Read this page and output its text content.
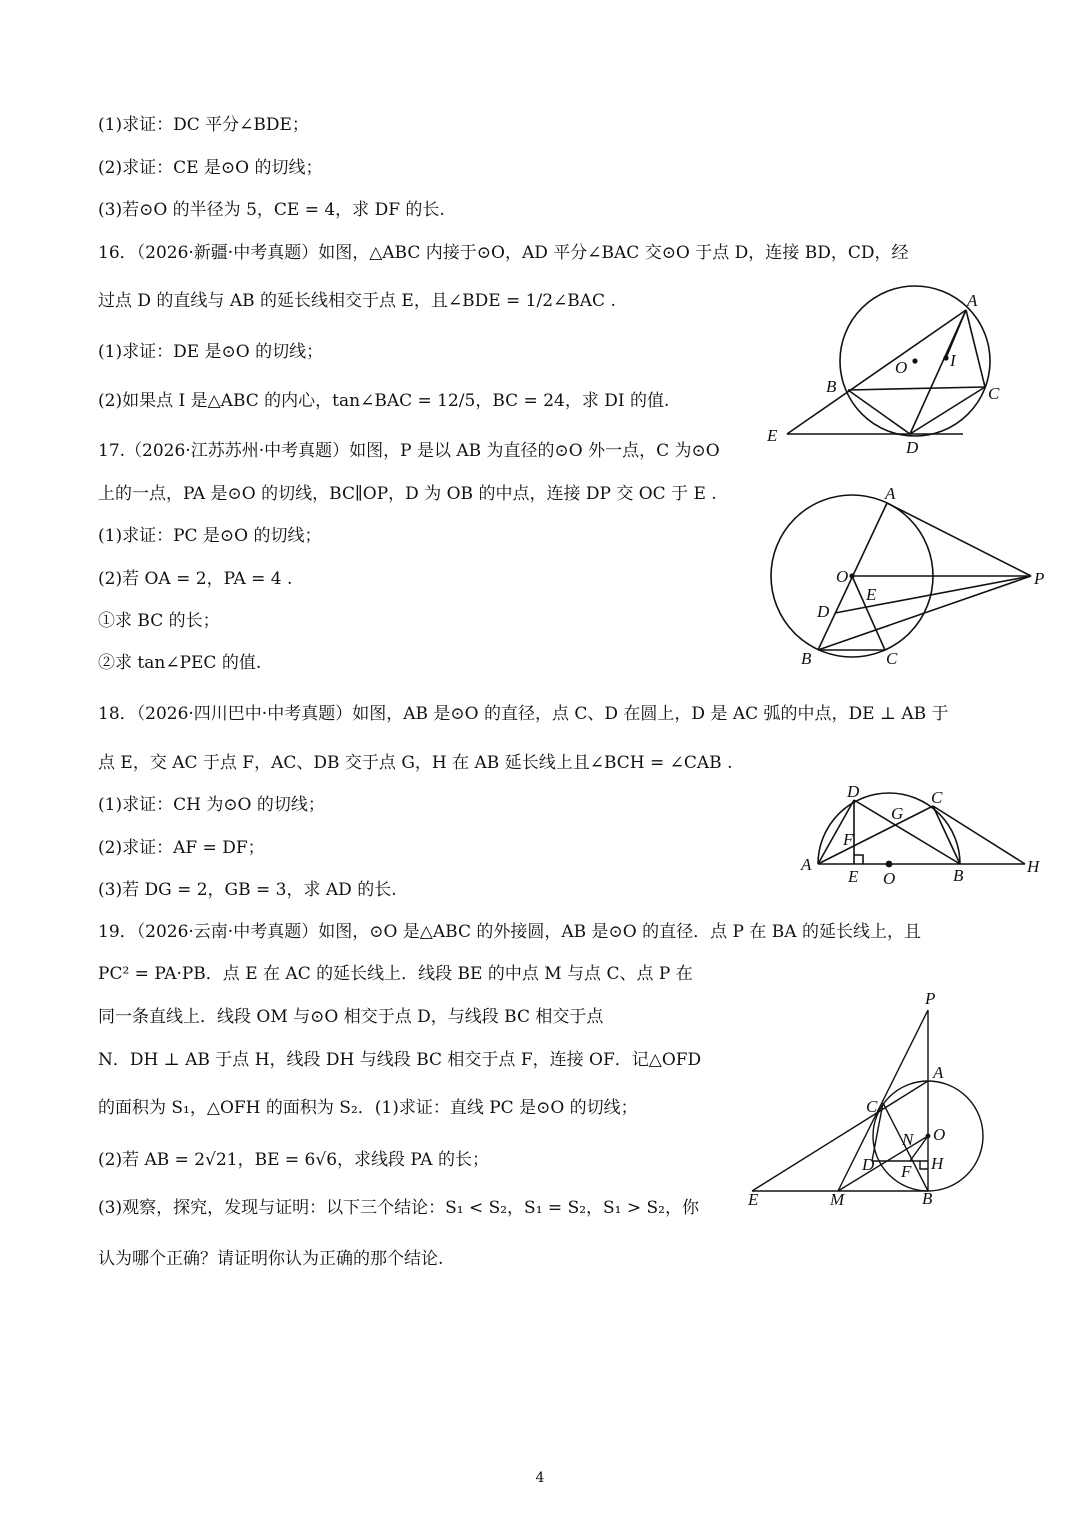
(1)求证：DC 平分∠BDE；
(2)求证：CE 是⊙O 的切线；
(3)若⊙O 的半径为 5，CE = 4，求 DF 的长.
16．（2026·新疆·中考真题）如图，△ABC 内接于⊙O，AD 平分∠BAC 交⊙O 于点 D，连接 BD，CD，经
过点 D 的直线与 AB 的延长线相交于点 E，且∠BDE = 1/2∠BAC .
(1)求证：DE 是⊙O 的切线；
(2)如果点 I 是△ABC 的内心，tan∠BAC = 12/5，BC = 24，求 DI 的值.
17.（2026·江苏苏州·中考真题）如图，P 是以 AB 为直径的⊙O 外一点，C 为⊙O
上的一点，PA 是⊙O 的切线，BC∥OP，D 为 OB 的中点，连接 DP 交 OC 于 E .
(1)求证：PC 是⊙O 的切线；
(2)若 OA = 2，PA = 4 .
①求 BC 的长；
②求 tan∠PEC 的值.
18．（2026·四川巴中·中考真题）如图，AB 是⊙O 的直径，点 C、D 在圆上，D 是 AC 弧的中点，DE ⊥ AB 于
点 E，交 AC 于点 F，AC、DB 交于点 G，H 在 AB 延长线上且∠BCH = ∠CAB .
(1)求证：CH 为⊙O 的切线；
(2)求证：AF = DF；
(3)若 DG = 2，GB = 3，求 AD 的长.
19．（2026·云南·中考真题）如图，⊙O 是△ABC 的外接圆，AB 是⊙O 的直径．点 P 在 BA 的延长线上，且
PC² = PA·PB．点 E 在 AC 的延长线上．线段 BE 的中点 M 与点 C、点 P 在
同一条直线上．线段 OM 与⊙O 相交于点 D，与线段 BC 相交于点
N．DH ⊥ AB 于点 H，线段 DH 与线段 BC 相交于点 F，连接 OF．记△OFD
的面积为 S₁，△OFH 的面积为 S₂．(1)求证：直线 PC 是⊙O 的切线；
(2)若 AB = 2√21，BE = 6√6，求线段 PA 的长；
(3)观察，探究，发现与证明：以下三个结论：S₁ < S₂，S₁ = S₂，S₁ > S₂，你
认为哪个正确？请证明你认为正确的那个结论.
A
B	C
D
E
O	I
A
B	C
D
E
O	P
A
B
C
D
E
F
G
H
O
A
B
C
D
E
F H
M
N O
P
4
